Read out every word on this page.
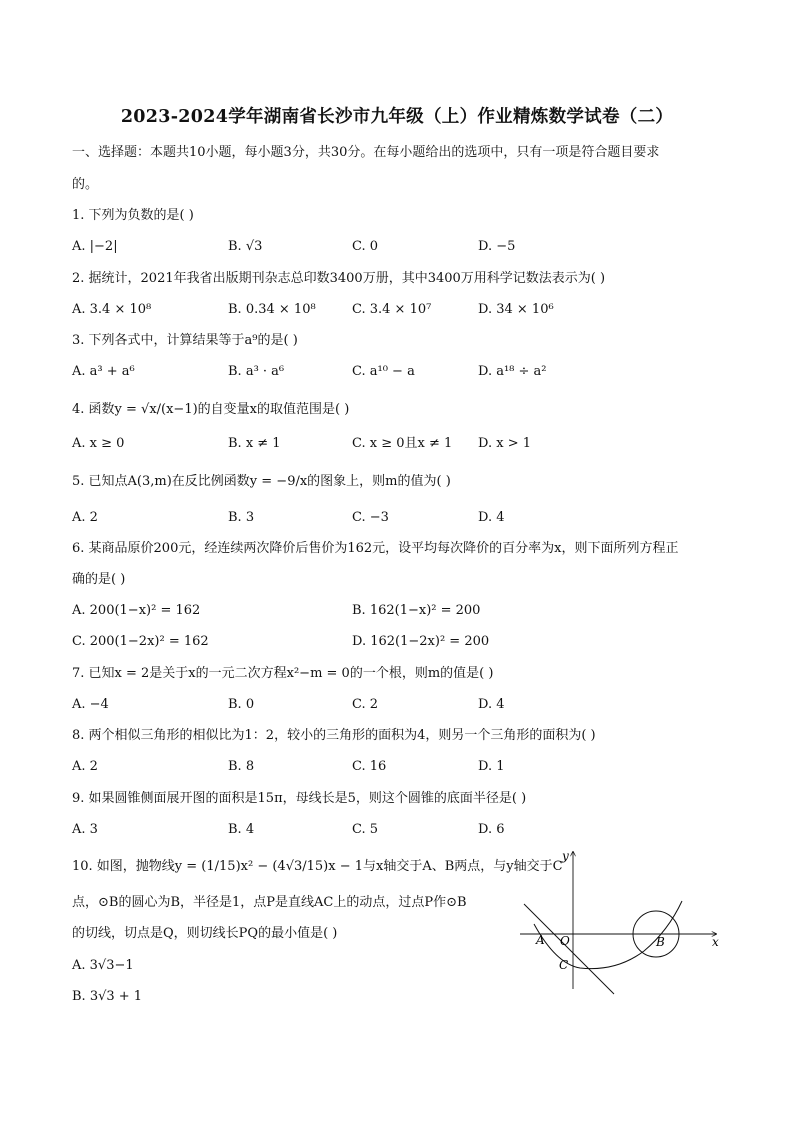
2023-2024学年湖南省长沙市九年级（上）作业精炼数学试卷（二）
一、选择题：本题共10小题，每小题3分，共30分。在每小题给出的选项中，只有一项是符合题目要求
的。
1. 下列为负数的是( )
A. |−2|	B. √3	C. 0	D. −5
2. 据统计，2021年我省出版期刊杂志总印数3400万册，其中3400万用科学记数法表示为( )
A. 3.4 × 10⁸	B. 0.34 × 10⁸	C. 3.4 × 10⁷	D. 34 × 10⁶
3. 下列各式中，计算结果等于a⁹的是( )
A. a³ + a⁶	B. a³ · a⁶	C. a¹⁰ − a	D. a¹⁸ ÷ a²
4. 函数y = √x/(x−1)的自变量x的取值范围是( )
A. x ≥ 0	B. x ≠ 1	C. x ≥ 0且x ≠ 1 D. x > 1
5. 已知点A(3,m)在反比例函数y = −9/x的图象上，则m的值为( )
A. 2	B. 3	C. −3	D. 4
6. 某商品原价200元，经连续两次降价后售价为162元，设平均每次降价的百分率为x，则下面所列方程正
确的是( )
A. 200(1−x)² = 162	B. 162(1−x)² = 200
C. 200(1−2x)² = 162	D. 162(1−2x)² = 200
7. 已知x = 2是关于x的一元二次方程x²−m = 0的一个根，则m的值是( )
A. −4	B. 0	C. 2	D. 4
8. 两个相似三角形的相似比为1：2，较小的三角形的面积为4，则另一个三角形的面积为( )
A. 2	B. 8	C. 16	D. 1
9. 如果圆锥侧面展开图的面积是15π，母线长是5，则这个圆锥的底面半径是( )
A. 3	B. 4	C. 5	D. 6
10. 如图，抛物线y = (1/15)x² − (4√3/15)x − 1与x轴交于A、B两点，与y轴交于C
点，⊙B的圆心为B，半径是1，点P是直线AC上的动点，过点P作⊙B
的切线，切点是Q，则切线长PQ的最小值是( )
A. 3√3−1
B. 3√3 + 1
x
y
A O	B
C
